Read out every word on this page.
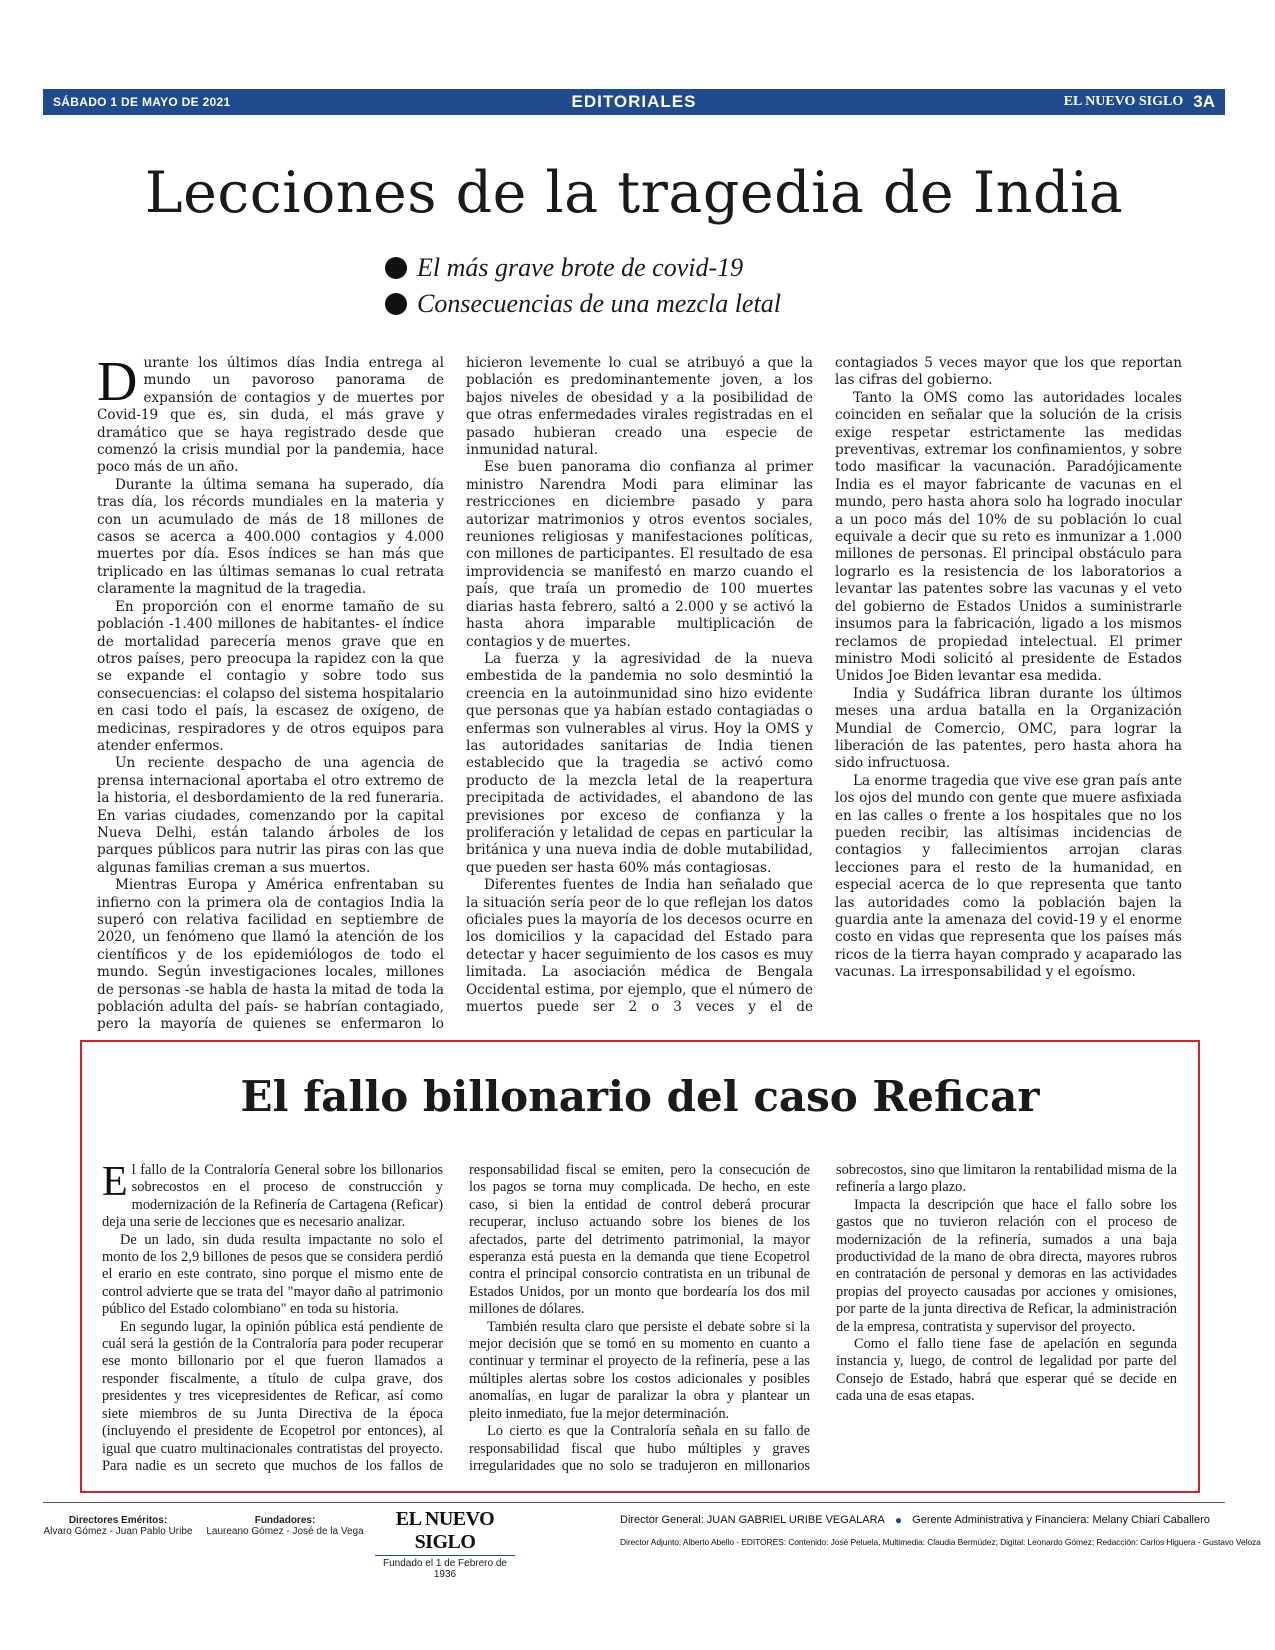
SÁBADO 1 DE MAYO DE 2021	EDITORIALES	EL NUEVO SIGLO 3A
Lecciones de la tragedia de India
El más grave brote de covid-19
Consecuencias de una mezcla letal

Durante los últimos días India entrega al mundo un pavoroso panorama de expansión de contagios y de muertes por Covid-19 que es, sin duda, el más grave y dramático que se haya registrado desde que comenzó la crisis mundial por la pandemia, hace poco más de un año.

Durante la última semana ha superado, día tras día, los récords mundiales en la materia y con un acumulado de más de 18 millones de casos se acerca a 400.000 contagios y 4.000 muertes por día. Esos índices se han más que triplicado en las últimas semanas lo cual retrata claramente la magnitud de la tragedia.

En proporción con el enorme tamaño de su población -1.400 millones de habitantes- el índice de mortalidad parecería menos grave que en otros países, pero preocupa la rapidez con la que se expande el contagio y sobre todo sus consecuencias: el colapso del sistema hospitalario en casi todo el país, la escasez de oxígeno, de medicinas, respiradores y de otros equipos para atender enfermos.

Un reciente despacho de una agencia de prensa internacional aportaba el otro extremo de la historia, el desbordamiento de la red funeraria. En varias ciudades, comenzando por la capital Nueva Delhi, están talando árboles de los parques públicos para nutrir las piras con las que algunas familias creman a sus muertos.

Mientras Europa y América enfrentaban su infierno con la primera ola de contagios India la superó con relativa facilidad en septiembre de 2020, un fenómeno que llamó la atención de los científicos y de los epidemiólogos de todo el mundo. Según investigaciones locales, millones de personas -se habla de hasta la mitad de toda la población adulta del país- se habrían contagiado, pero la mayoría de quienes se enfermaron lo hicieron levemente lo cual se atribuyó a que la población es predominantemente joven, a los bajos niveles de obesidad y a la posibilidad de que otras enfermedades virales registradas en el pasado hubieran creado una especie de inmunidad natural.

Ese buen panorama dio confianza al primer ministro Narendra Modi para eliminar las restricciones en diciembre pasado y para autorizar matrimonios y otros eventos sociales, reuniones religiosas y manifestaciones políticas, con millones de participantes. El resultado de esa improvidencia se manifestó en marzo cuando el país, que traía un promedio de 100 muertes diarias hasta febrero, saltó a 2.000 y se activó la hasta ahora imparable multiplicación de contagios y de muertes.

La fuerza y la agresividad de la nueva embestida de la pandemia no solo desmintió la creencia en la autoinmunidad sino hizo evidente que personas que ya habían estado contagiadas o enfermas son vulnerables al virus. Hoy la OMS y las autoridades sanitarias de India tienen establecido que la tragedia se activó como producto de la mezcla letal de la reapertura precipitada de actividades, el abandono de las previsiones por exceso de confianza y la proliferación y letalidad de cepas en particular la británica y una nueva india de doble mutabilidad, que pueden ser hasta 60% más contagiosas.

Diferentes fuentes de India han señalado que la situación sería peor de lo que reflejan los datos oficiales pues la mayoría de los decesos ocurre en los domicilios y la capacidad del Estado para detectar y hacer seguimiento de los casos es muy limitada. La asociación médica de Bengala Occidental estima, por ejemplo, que el número de muertos puede ser 2 o 3 veces y el de contagiados 5 veces mayor que los que reportan las cifras del gobierno.

Tanto la OMS como las autoridades locales coinciden en señalar que la solución de la crisis exige respetar estrictamente las medidas preventivas, extremar los confinamientos, y sobre todo masificar la vacunación. Paradójicamente India es el mayor fabricante de vacunas en el mundo, pero hasta ahora solo ha logrado inocular a un poco más del 10% de su población lo cual equivale a decir que su reto es inmunizar a 1.000 millones de personas. El principal obstáculo para lograrlo es la resistencia de los laboratorios a levantar las patentes sobre las vacunas y el veto del gobierno de Estados Unidos a suministrarle insumos para la fabricación, ligado a los mismos reclamos de propiedad intelectual. El primer ministro Modi solicitó al presidente de Estados Unidos Joe Biden levantar esa medida.

India y Sudáfrica libran durante los últimos meses una ardua batalla en la Organización Mundial de Comercio, OMC, para lograr la liberación de las patentes, pero hasta ahora ha sido infructuosa.

La enorme tragedia que vive ese gran país ante los ojos del mundo con gente que muere asfixiada en las calles o frente a los hospitales que no los pueden recibir, las altísimas incidencias de contagios y fallecimientos arrojan claras lecciones para el resto de la humanidad, en especial acerca de lo que representa que tanto las autoridades como la población bajen la guardia ante la amenaza del covid-19 y el enorme costo en vidas que representa que los países más ricos de la tierra hayan comprado y acaparado las vacunas. La irresponsabilidad y el egoísmo.

El fallo billonario del caso Reficar

El fallo de la Contraloría General sobre los billonarios sobrecostos en el proceso de construcción y modernización de la Refinería de Cartagena (Reficar) deja una serie de lecciones que es necesario analizar.

De un lado, sin duda resulta impactante no solo el monto de los 2,9 billones de pesos que se considera perdió el erario en este contrato, sino porque el mismo ente de control advierte que se trata del "mayor daño al patrimonio público del Estado colombiano" en toda su historia.

En segundo lugar, la opinión pública está pendiente de cuál será la gestión de la Contraloría para poder recuperar ese monto billonario por el que fueron llamados a responder fiscalmente, a título de culpa grave, dos presidentes y tres vicepresidentes de Reficar, así como siete miembros de su Junta Directiva de la época (incluyendo el presidente de Ecopetrol por entonces), al igual que cuatro multinacionales contratistas del proyecto. Para nadie es un secreto que muchos de los fallos de responsabilidad fiscal se emiten, pero la consecución de los pagos se torna muy complicada. De hecho, en este caso, si bien la entidad de control deberá procurar recuperar, incluso actuando sobre los bienes de los afectados, parte del detrimento patrimonial, la mayor esperanza está puesta en la demanda que tiene Ecopetrol contra el principal consorcio contratista en un tribunal de Estados Unidos, por un monto que bordearía los dos mil millones de dólares.

También resulta claro que persiste el debate sobre si la mejor decisión que se tomó en su momento en cuanto a continuar y terminar el proyecto de la refinería, pese a las múltiples alertas sobre los costos adicionales y posibles anomalías, en lugar de paralizar la obra y plantear un pleito inmediato, fue la mejor determinación.

Lo cierto es que la Contraloría señala en su fallo de responsabilidad fiscal que hubo múltiples y graves irregularidades que no solo se tradujeron en millonarios sobrecostos, sino que limitaron la rentabilidad misma de la refinería a largo plazo.

Impacta la descripción que hace el fallo sobre los gastos que no tuvieron relación con el proceso de modernización de la refinería, sumados a una baja productividad de la mano de obra directa, mayores rubros en contratación de personal y demoras en las actividades propias del proyecto causadas por acciones y omisiones, por parte de la junta directiva de Reficar, la administración de la empresa, contratista y supervisor del proyecto.

Como el fallo tiene fase de apelación en segunda instancia y, luego, de control de legalidad por parte del Consejo de Estado, habrá que esperar qué se decide en cada una de esas etapas.

Directores Eméritos:
Alvaro Gómez - Juan Pablo Uribe
Fundadores:
Laureano Gómez - José de la Vega
EL NUEVO SIGLO
Fundado el 1 de Febrero de 1936
Director General: JUAN GABRIEL URIBE VEGALARA ● Gerente Administrativa y Financiera: Melany Chiari Caballero
Director Adjunto: Alberto Abello - EDITORES: Contenido: José Peluela, Multimedia: Claudia Bermúdez; Digital: Leonardo Gómez; Redacción: Carlos Higuera - Gustavo Veloza
